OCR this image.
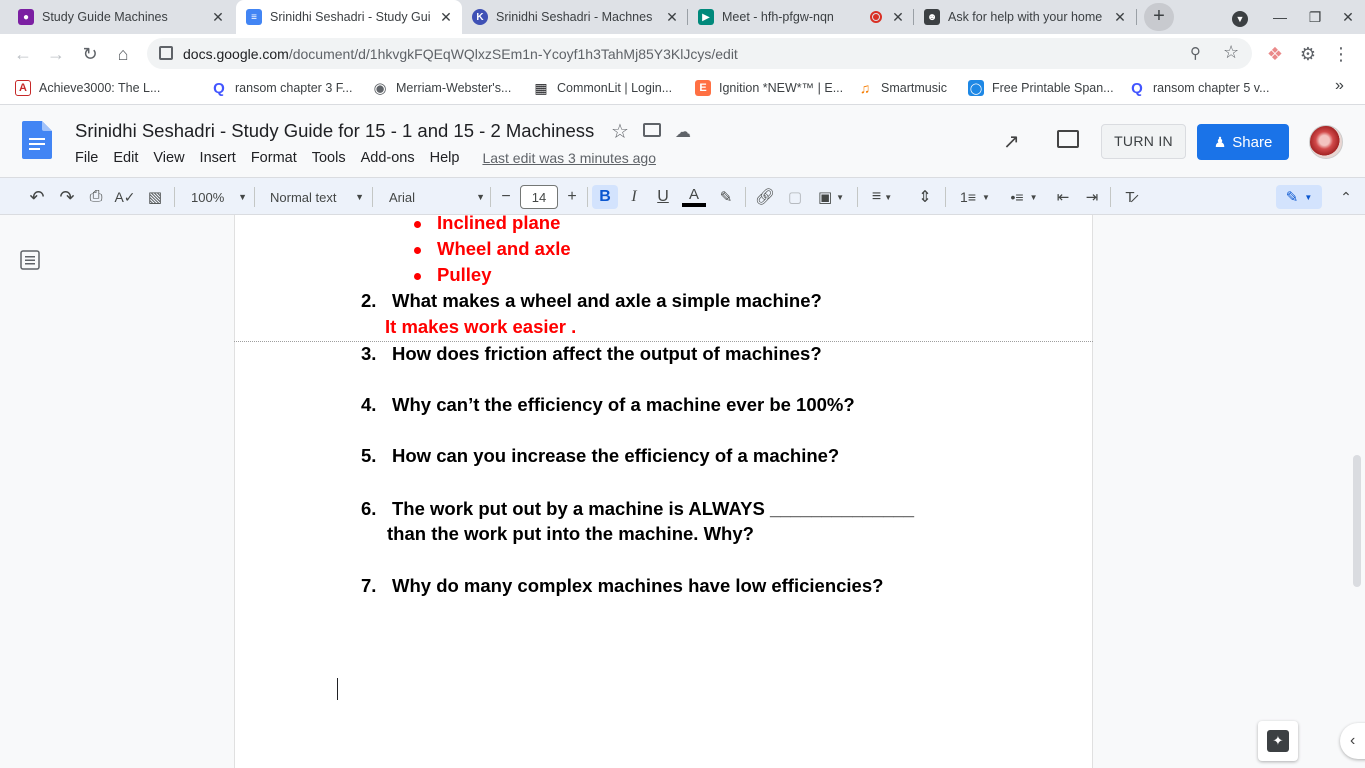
●	Study Guide Machines	✕	≡	Srinidhi Seshadri - Study Gui ✕	K Srinidhi Seshadri - Machnes ✕	▶ Meet - hfh-pfgw-nqn	✕	☻ Ask for help with your home ✕	+	▼	—	❐	✕
← → ↻	⌂	docs.google.com/document/d/1hkvgkFQEqWQlxzSEm1n-Ycoyf1h3TahMj85Y3KlJcys/edit	⚲ ☆ ❖ ⚙ ⋮
A Achieve3000: The L...	Q ransom chapter 3 F... ◉ Merriam-Webster's... ▦ CommonLit | Login...	E Ignition *NEW*™ | E... ♫ Smartmusic ◯ Free Printable Span... Q ransom chapter 5 v...	»
Srinidhi Seshadri - Study Guide for 15 - 1 and 15 - 2 Machiness ☆	☁
File Edit View Insert Format Tools Add-ons Help Last edit was 3 minutes ago
↗	TURN IN	♟ Share
↶ ↷ ⎙ A✓ ▧	100% ▼ Normal text ▼ Arial	▼	−	14	+	B	I	U	A	✎ 🔗︎ ▢	▣ ▼	≡ ▼	⇕	1≡ ▼	•≡ ▼	⇤	⇥	T̷	✎ ▼ ⌃
Inclined plane
Wheel and axle
Pulley
2. What makes a wheel and axle a simple machine?
It makes work easier .
3. How does friction affect the output of machines?
4. Why can’t the efficiency of a machine ever be 100%?
5. How can you increase the efficiency of a machine?
6. The work put out by a machine is ALWAYS ______________
than the work put into the machine. Why?
7. Why do many complex machines have low efficiencies?
✦	‹
